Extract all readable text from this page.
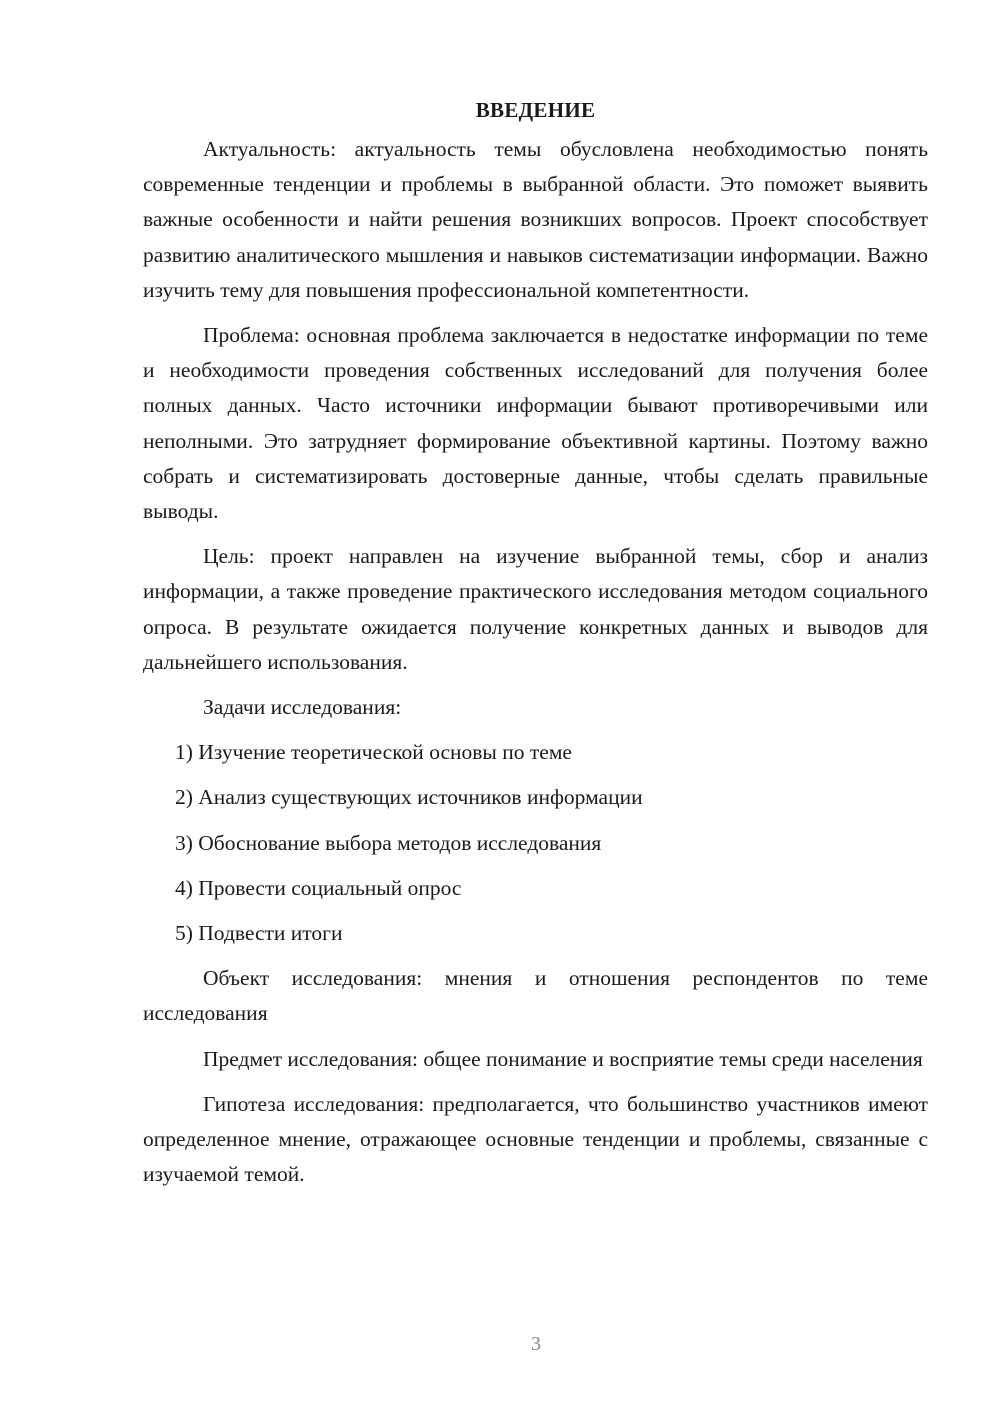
ВВЕДЕНИЕ

Актуальность: актуальность темы обусловлена необходимостью понять современные тенденции и проблемы в выбранной области. Это поможет выявить важные особенности и найти решения возникших вопросов. Проект способствует развитию аналитического мышления и навыков систематизации информации. Важно изучить тему для повышения профессиональной компетентности.

Проблема: основная проблема заключается в недостатке информации по теме и необходимости проведения собственных исследований для получения более полных данных. Часто источники информации бывают противоречивыми или неполными. Это затрудняет формирование объективной картины. Поэтому важно собрать и систематизировать достоверные данные, чтобы сделать правильные выводы.

Цель: проект направлен на изучение выбранной темы, сбор и анализ информации, а также проведение практического исследования методом социального опроса. В результате ожидается получение конкретных данных и выводов для дальнейшего использования.

Задачи исследования:
1) Изучение теоретической основы по теме
2) Анализ существующих источников информации
3) Обоснование выбора методов исследования
4) Провести социальный опрос
5) Подвести итоги

Объект исследования: мнения и отношения респондентов по теме исследования

Предмет исследования: общее понимание и восприятие темы среди населения

Гипотеза исследования: предполагается, что большинство участников имеют определенное мнение, отражающее основные тенденции и проблемы, связанные с изучаемой темой.

3
